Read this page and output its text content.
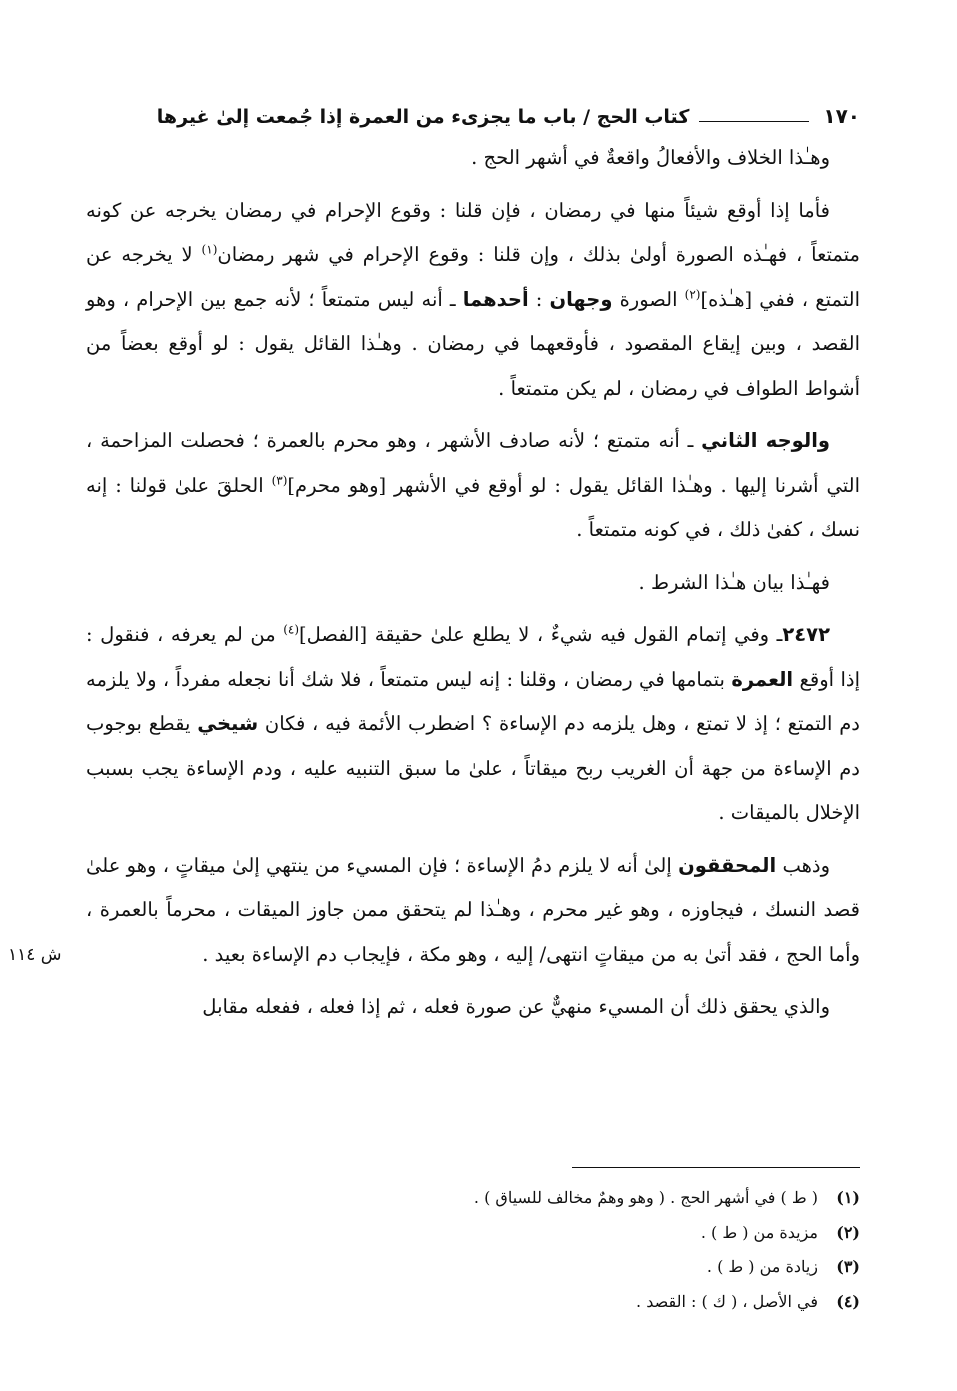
١٧٠
كتاب الحج / باب ما يجزىء من العمرة إذا جُمعت إلىٰ غيرها

وهـٰذا الخلاف والأفعالُ واقعةٌ في أشهر الحج .

فأما إذا أوقع شيئاً منها في رمضان ، فإن قلنا : وقوع الإحرام في رمضان يخرجه عن كونه متمتعاً ، فهـٰذه الصورة أولىٰ بذلك ، وإن قلنا : وقوع الإحرام في شهر رمضان$^{(١)}$ لا يخرجه عن التمتع ، ففي [هـٰذه]$^{(٢)}$ الصورة وجهان : أحدهما ـ أنه ليس متمتعاً ؛ لأنه جمع بين الإحرام ، وهو القصد ، وبين إيقاع المقصود ، فأوقعهما في رمضان . وهـٰذا القائل يقول : لو أوقع بعضاً من أشواط الطواف في رمضان ، لم يكن متمتعاً .

والوجه الثاني ـ أنه متمتع ؛ لأنه صادف الأشهر ، وهو محرم بالعمرة ؛ فحصلت المزاحمة ، التي أشرنا إليها . وهـٰذا القائل يقول : لو أوقع في الأشهر [وهو محرم]$^{(٣)}$ الحلقَ علىٰ قولنا : إنه نسك ، كفىٰ ذلك ، في كونه متمتعاً .

فهـٰذا بيان هـٰذا الشرط .

٢٤٧٢ـ وفي إتمام القول فيه شيءٌ ، لا يطلع علىٰ حقيقة [الفصل]$^{(٤)}$ من لم يعرفه ، فنقول : إذا أوقع العمرة بتمامها في رمضان ، وقلنا : إنه ليس متمتعاً ، فلا شك أنا نجعله مفرداً ، ولا يلزمه دم التمتع ؛ إذ لا تمتع ، وهل يلزمه دم الإساءة ؟ اضطرب الأئمة فيه ، فكان شيخي يقطع بوجوب دم الإساءة من جهة أن الغريب ربح ميقاتاً ، علىٰ ما سبق التنبيه عليه ، ودم الإساءة يجب بسبب الإخلال بالميقات .

ش ١١٤
وذهب المحققون إلىٰ أنه لا يلزم دمُ الإساءة ؛ فإن المسيء من ينتهي إلىٰ ميقاتٍ ، وهو علىٰ قصد النسك ، فيجاوزه ، وهو غير محرم ، وهـٰذا لم يتحقق ممن جاوز الميقات ، محرماً بالعمرة ، وأما الحج ، فقد أتىٰ به من ميقاتٍ انتهى/ إليه ، وهو مكة ، فإيجاب دم الإساءة بعيد .

والذي يحقق ذلك أن المسيء منهيٌّ عن صورة فعله ، ثم إذا فعله ، ففعله مقابل

(١)
( ط ) في أشهر الحج . ( وهو وهمٌ مخالف للسياق ) .
(٢)
مزيدة من ( ط ) .
(٣)
زيادة من ( ط ) .
(٤)
في الأصل ، ( ك ) : القصد .
